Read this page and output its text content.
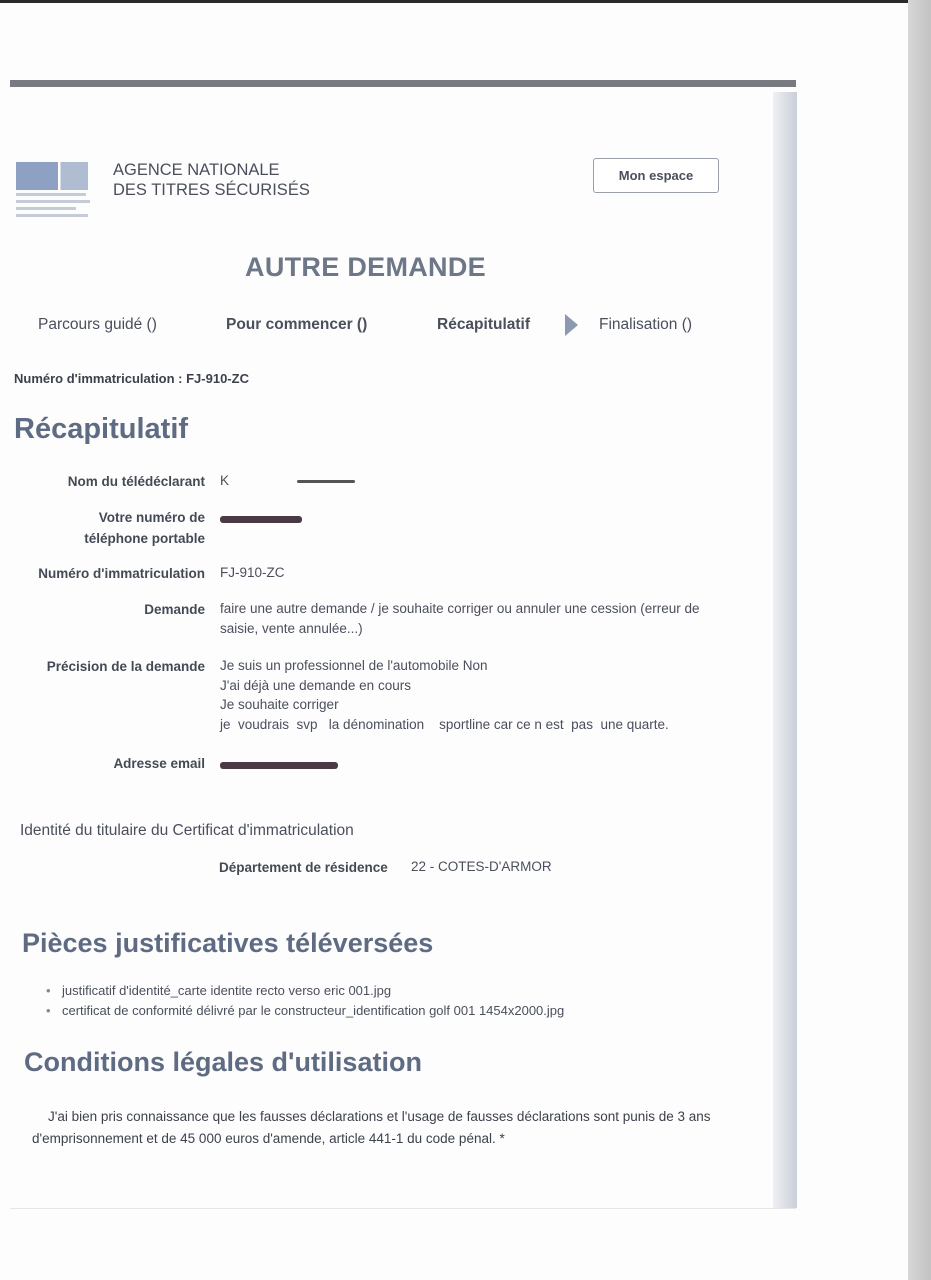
AGENCE NATIONALE
DES TITRES SÉCURISÉS
Mon espace
AUTRE DEMANDE
Parcours guidé ()	Pour commencer ()	Récapitulatif	Finalisation ()
Numéro d'immatriculation : FJ-910-ZC
Récapitulatif
Nom du télédéclarant K
Votre numéro de
téléphone portable
Numéro d'immatriculation FJ-910-ZC
Demande faire une autre demande / je souhaite corriger ou annuler une cession (erreur de saisie, vente annulée...)
Précision de la demande Je suis un professionnel de l'automobile Non
J'ai déjà une demande en cours
Je souhaite corriger
je  voudrais  svp   la dénomination    sportline car ce n est  pas  une quarte.
Adresse email
Identité du titulaire du Certificat d'immatriculation
Département de résidence 22 - COTES-D'ARMOR
Pièces justificatives téléversées
• justificatif d'identité_carte identite recto verso eric 001.jpg
• certificat de conformité délivré par le constructeur_identification golf 001 1454x2000.jpg
Conditions légales d'utilisation
J'ai bien pris connaissance que les fausses déclarations et l'usage de fausses déclarations sont punis de 3 ans d'emprisonnement et de 45 000 euros d'amende, article 441-1 du code pénal. *
